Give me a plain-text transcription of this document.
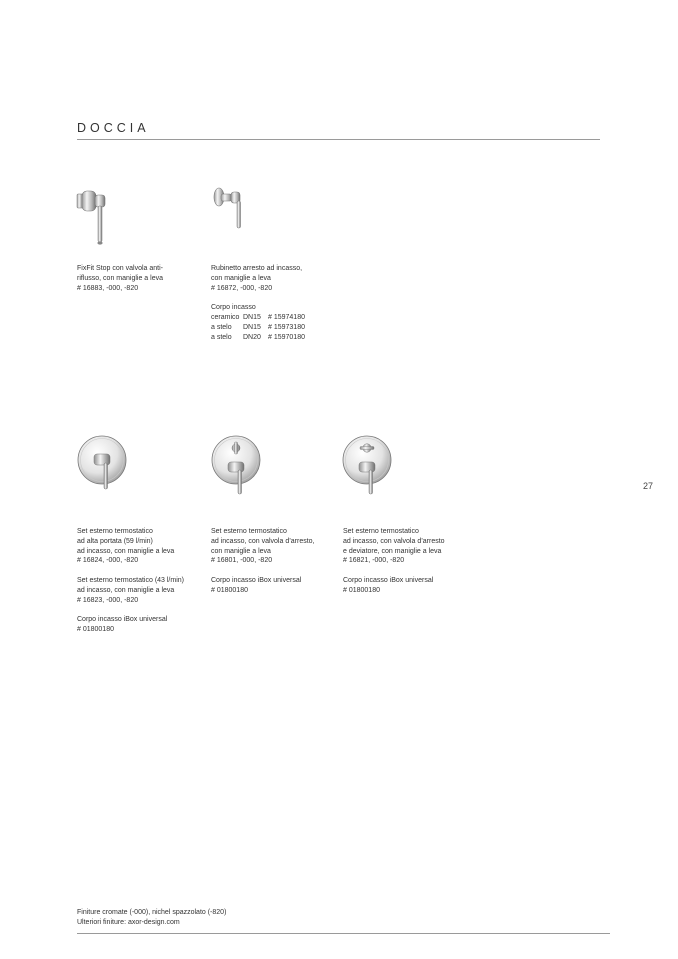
DOCCIA
FixFit Stop con valvola anti-
riflusso, con maniglie a leva
# 16883, -000, -820
Rubinetto arresto ad incasso,
con maniglie a leva
# 16872, -000, -820
Corpo incasso
ceramico	DN15	# 15974180
a stelo	DN15	# 15973180
a stelo	DN20	# 15970180
Set esterno termostatico
ad alta portata (59 l/min)
ad incasso, con maniglie a leva
# 16824, -000, -820
Set esterno termostatico (43 l/min)
ad incasso, con maniglie a leva
# 16823, -000, -820
Corpo incasso iBox universal
# 01800180
Set esterno termostatico
ad incasso, con valvola d’arresto,
con maniglie a leva
# 16801, -000, -820
Corpo incasso iBox universal
# 01800180
Set esterno termostatico
ad incasso, con valvola d’arresto
e deviatore, con maniglie a leva
# 16821, -000, -820
Corpo incasso iBox universal
# 01800180
27
Finiture cromate (-000), nichel spazzolato (-820)
Ulteriori finiture: axor-design.com
